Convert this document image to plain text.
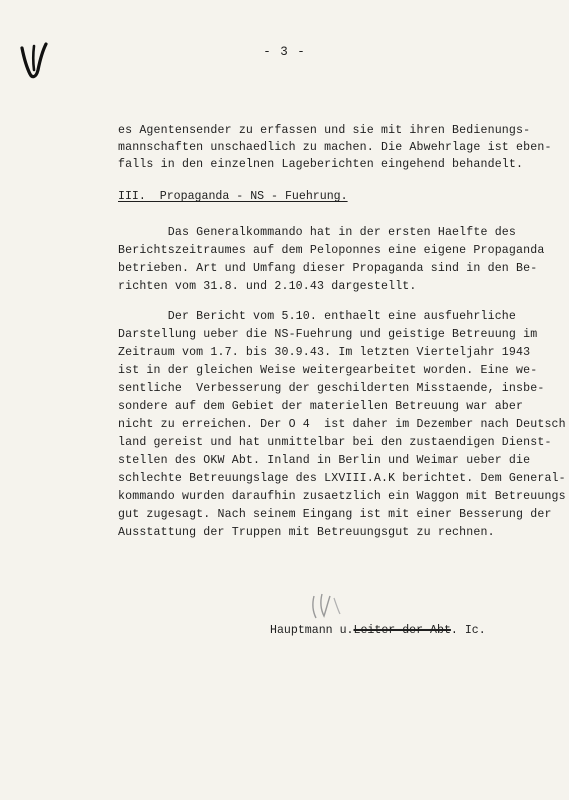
- 3 -
es Agentensender zu erfassen und sie mit ihren Bedienungs-
mannschaften unschaedlich zu machen. Die Abwehrlage ist eben-
falls in den einzelnen Lageberichten eingehend behandelt.
III.  Propaganda - NS - Fuehrung.
Das Generalkommando hat in der ersten Haelfte des
Berichtszeitraumes auf dem Peloponnes eine eigene Propaganda
betrieben. Art und Umfang dieser Propaganda sind in den Be-
richten vom 31.8. und 2.10.43 dargestellt.
Der Bericht vom 5.10. enthaelt eine ausfuehrliche
Darstellung ueber die NS-Fuehrung und geistige Betreuung im
Zeitraum vom 1.7. bis 30.9.43. Im letzten Vierteljahr 1943
ist in der gleichen Weise weitergearbeitet worden. Eine we-
sentliche  Verbesserung der geschilderten Misstaende, insbe-
sondere auf dem Gebiet der materiellen Betreuung war aber
nicht zu erreichen. Der O 4  ist daher im Dezember nach Deutsch
land gereist und hat unmittelbar bei den zustaendigen Dienst-
stellen des OKW Abt. Inland in Berlin und Weimar ueber die
schlechte Betreuungslage des LXVIII.A.K berichtet. Dem General-
kommando wurden daraufhin zusaetzlich ein Waggon mit Betreuungs
gut zugesagt. Nach seinem Eingang ist mit einer Besserung der
Ausstattung der Truppen mit Betreuungsgut zu rechnen.
Hauptmann u.Leiter der Abt. Ic.
